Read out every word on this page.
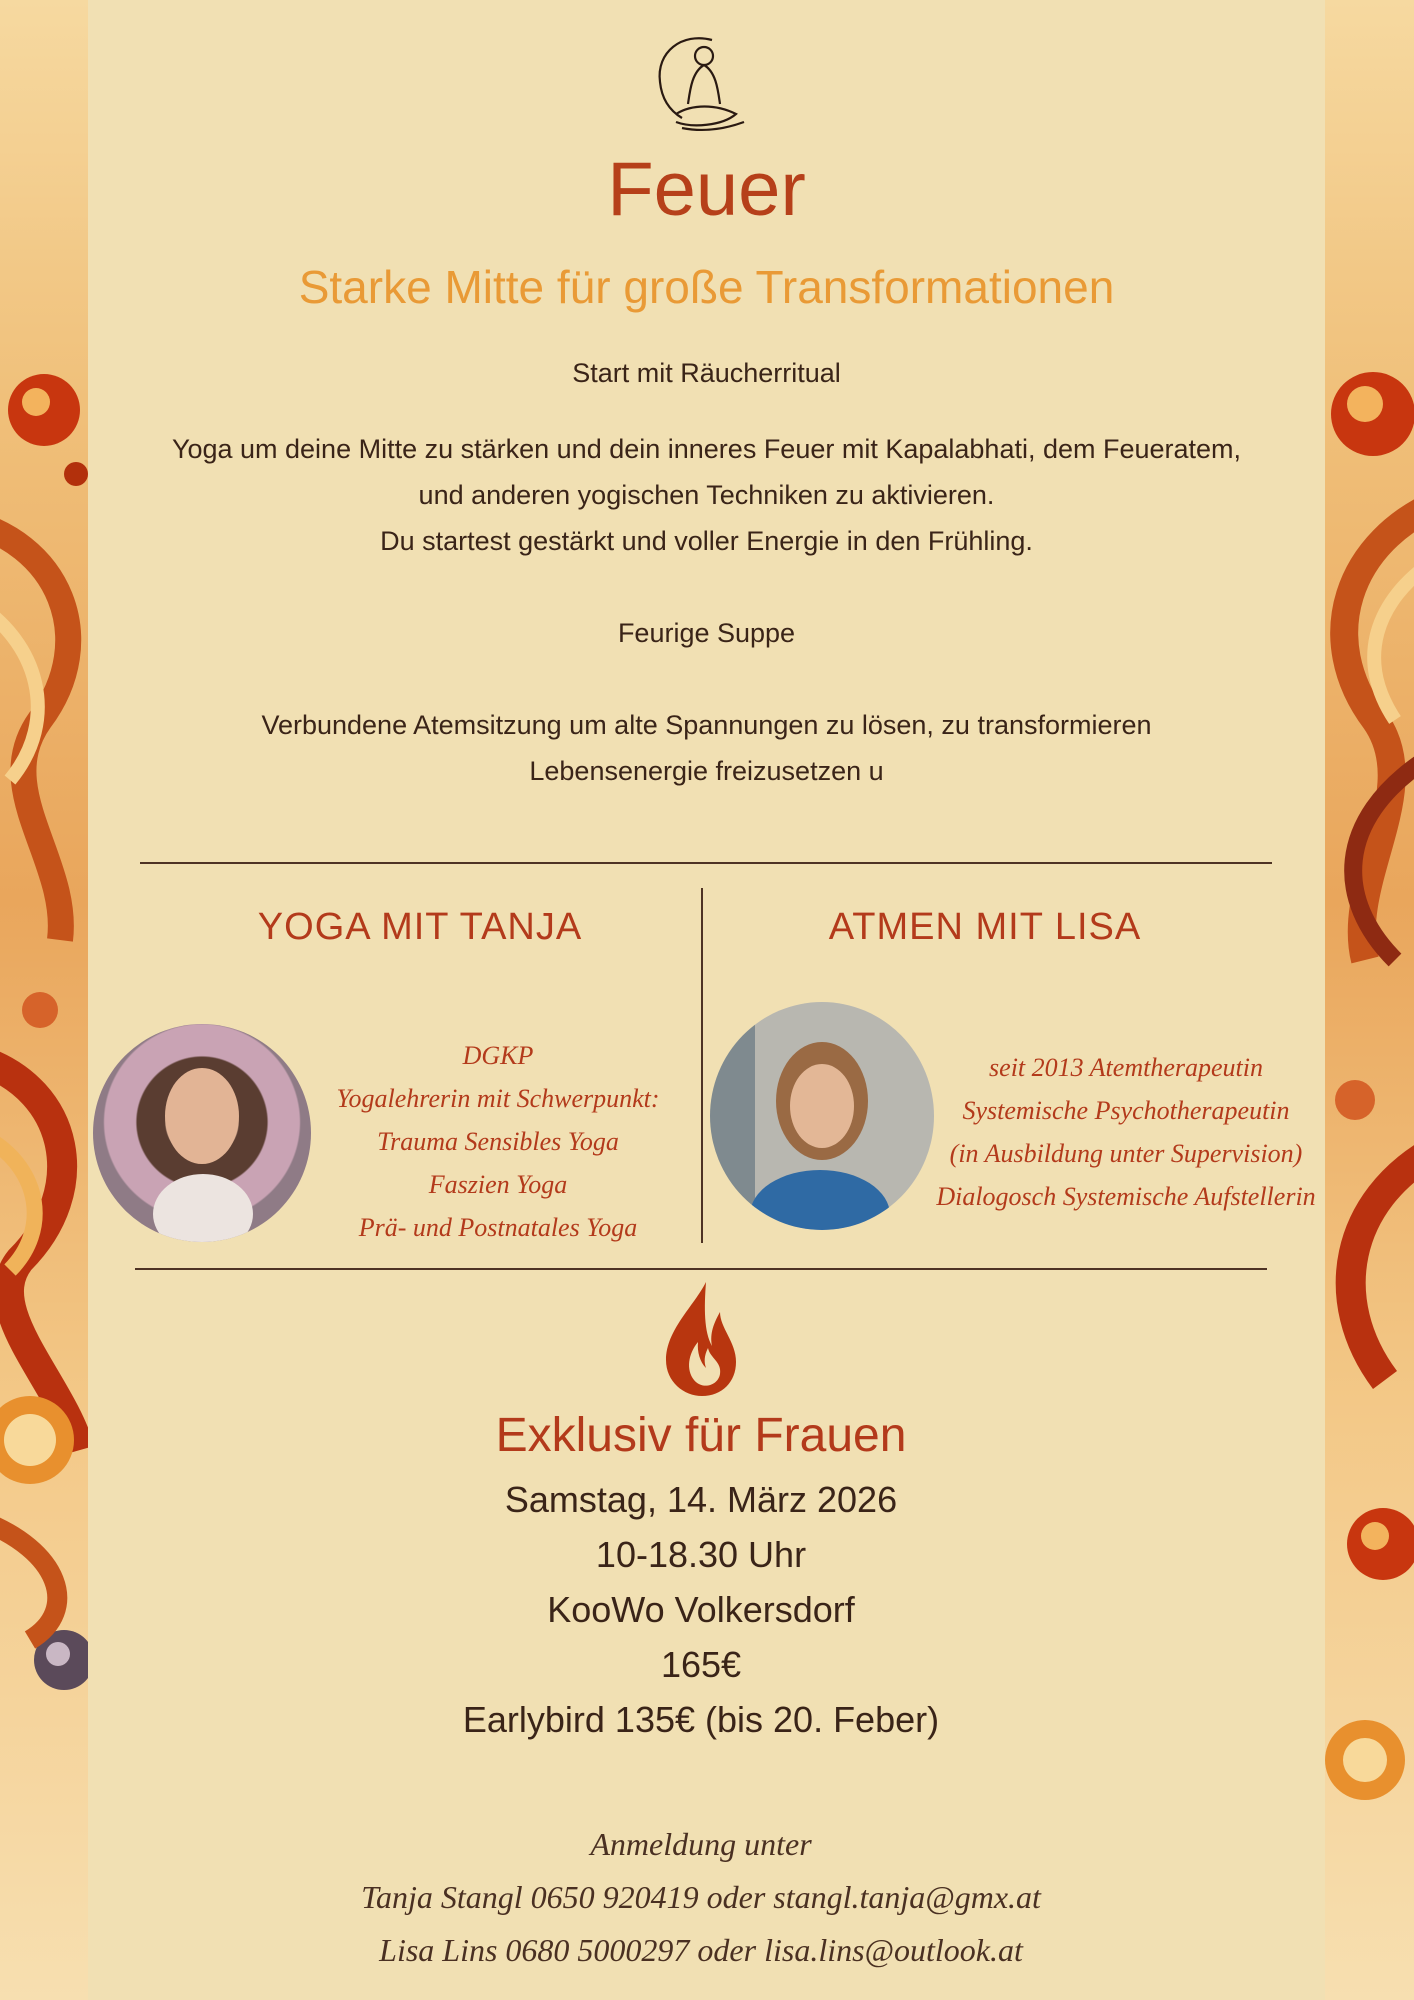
Feuer
Starke Mitte für große Transformationen
Start mit Räucherritual
Yoga um deine Mitte zu stärken und dein inneres Feuer mit Kapalabhati, dem Feueratem,
und anderen yogischen Techniken zu aktivieren.
Du startest gestärkt und voller Energie in den Frühling.
Feurige Suppe
Verbundene Atemsitzung um alte Spannungen zu lösen, zu transformieren
Lebensenergie freizusetzen u
YOGA MIT TANJA
DGKP
Yogalehrerin mit Schwerpunkt:
Trauma Sensibles Yoga
Faszien Yoga
Prä- und Postnatales Yoga
ATMEN MIT LISA
seit 2013 Atemtherapeutin
Systemische Psychotherapeutin
(in Ausbildung unter Supervision)
Dialogosch Systemische Aufstellerin
Exklusiv für Frauen
Samstag, 14. März 2026
10-18.30 Uhr
KooWo Volkersdorf
165€
Earlybird 135€ (bis 20. Feber)
Anmeldung unter
Tanja Stangl 0650 920419 oder stangl.tanja@gmx.at
Lisa Lins 0680 5000297 oder lisa.lins@outlook.at
